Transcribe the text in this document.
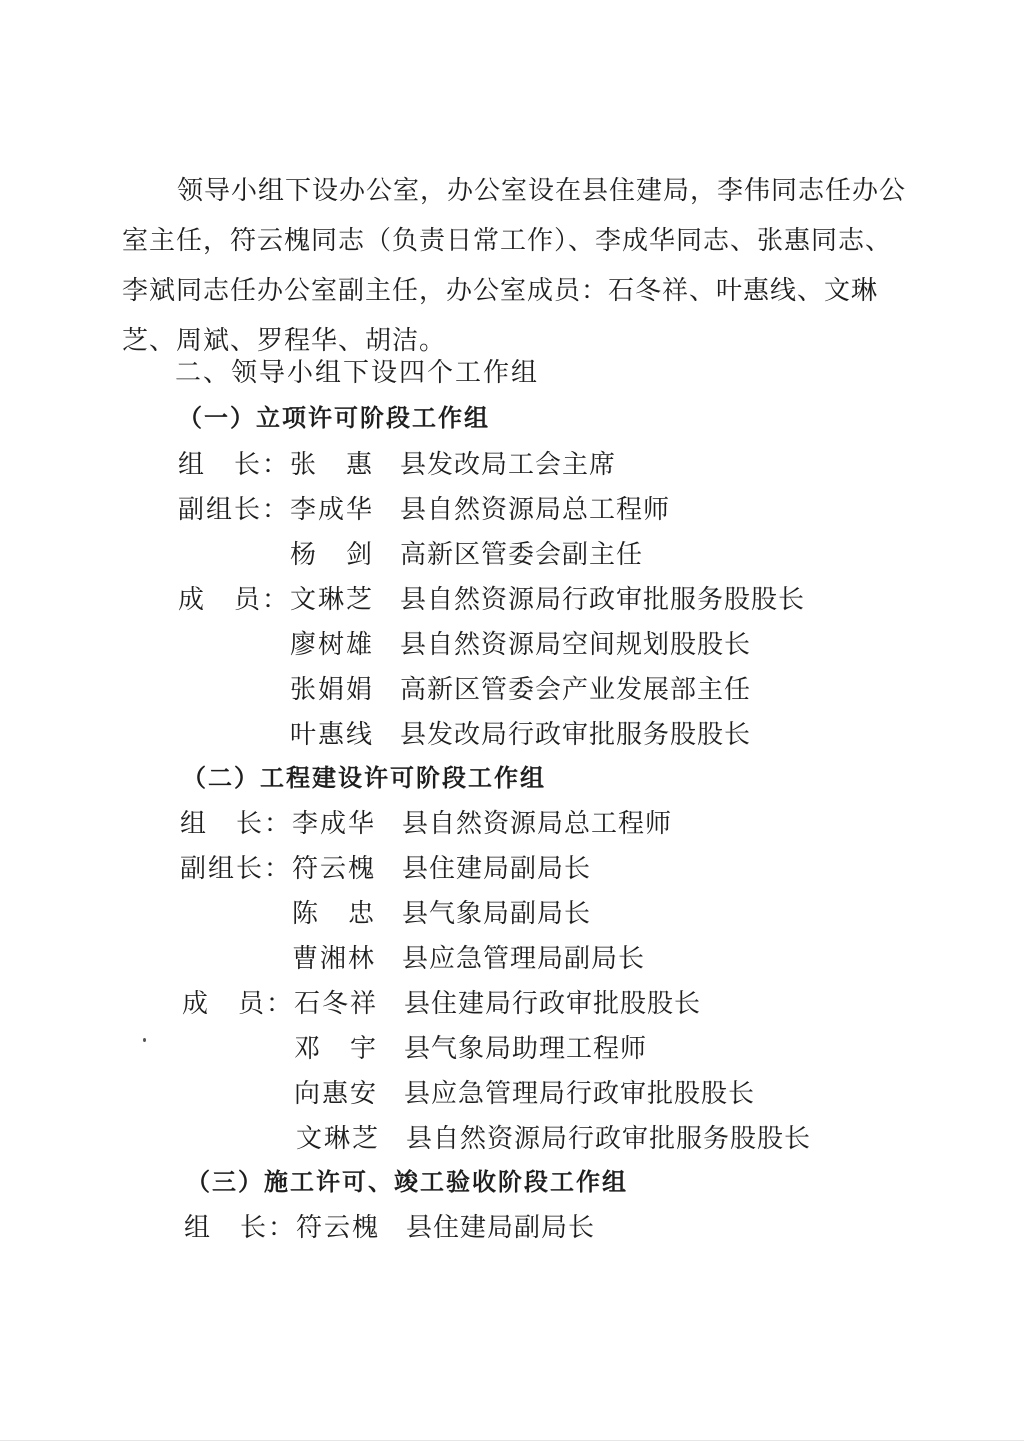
领导小组下设办公室，办公室设在县住建局，李伟同志任办公室主任，符云槐同志（负责日常工作）、李成华同志、张惠同志、李斌同志任办公室副主任，办公室成员：石冬祥、叶惠线、文琳芝、周斌、罗程华、胡洁。

二、领导小组下设四个工作组

（一）立项许可阶段工作组

组　长： 张　惠 县发改局工会主席
副组长： 李成华 县自然资源局总工程师
杨　剑 高新区管委会副主任
成　员： 文琳芝 县自然资源局行政审批服务股股长
廖树雄 县自然资源局空间规划股股长
张娟娟 高新区管委会产业发展部主任
叶惠线 县发改局行政审批服务股股长

（二）工程建设许可阶段工作组

组　长： 李成华 县自然资源局总工程师
副组长： 符云槐 县住建局副局长
陈　忠 县气象局副局长
曹湘林 县应急管理局副局长
成　员： 石冬祥 县住建局行政审批股股长
邓　宇 县气象局助理工程师
向惠安 县应急管理局行政审批股股长
文琳芝 县自然资源局行政审批服务股股长

（三）施工许可、竣工验收阶段工作组

组　长： 符云槐 县住建局副局长
